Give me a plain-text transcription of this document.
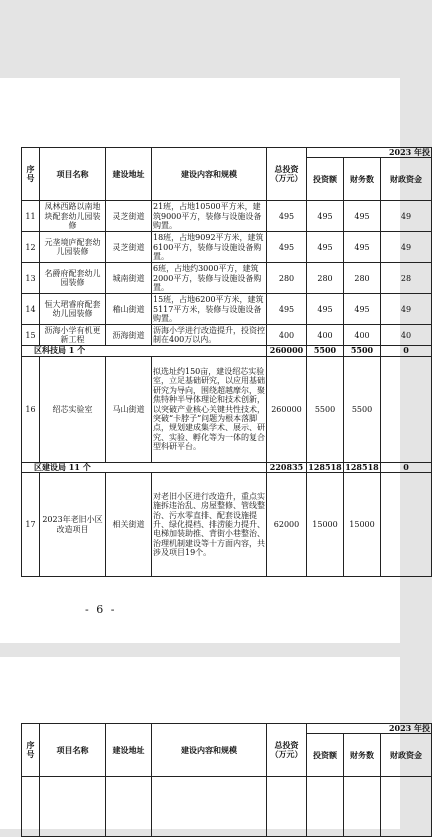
序号	项目名称	建设地址	建设内容和规模	总投资（万元）	2023 年投		
					投资额	财务数	财政资金
11	凤林西路以南地块配套幼儿园装修	灵芝街道	21班，占地10500平方米，建筑9000平方，装修与设施设备购置。	495	495	495	49
12	元垄境庐配套幼儿园装修	灵芝街道	18班，占地9092平方米，建筑6100平方，装修与设施设备购置。	495	495	495	49
13	名爵府配套幼儿园装修	城南街道	6班，占地约3000平方，建筑2000平方，装修与设施设备购置。	280	280	280	28
14	恒大珺睿府配套幼儿园装修	稽山街道	15班，占地6200平方米，建筑5117平方米，装修与设施设备购置。	495	495	495	49
15	沥海小学有机更新工程	沥海街道	沥海小学进行改造提升，投资控制在400万以内。	400	400	400	40
区科技局 1 个				260000	5500	5500	0
16	绍芯实验室	马山街道	拟选址约150亩，建设绍芯实验室，立足基础研究，以应用基础研究为导向，围绕超越摩尔，聚焦特种半导体理论和技术创新，以突破产业核心关键共性技术，突破“卡脖子”问题为根本落脚点，规划建成集学术、展示、研究、实验、孵化等为一体的复合型科研平台。	260000	5500	5500	
区建设局 11 个				220835	128518	128518	0
17	2023年老旧小区改造项目	相关街道	对老旧小区进行改造升，重点实施拆违治乱、房屋整修、管线整治、污水零直排、配套设施提升、绿化提档、排涝能力提升、电梯加装助推、背街小巷整治、治理机制建设等十方面内容，共涉及项目19个。	62000	15000	15000	
- 6 -
序号	项目名称	建设地址	建设内容和规模	总投资（万元）	2023 年投		
					投资额	财务数	财政资金
